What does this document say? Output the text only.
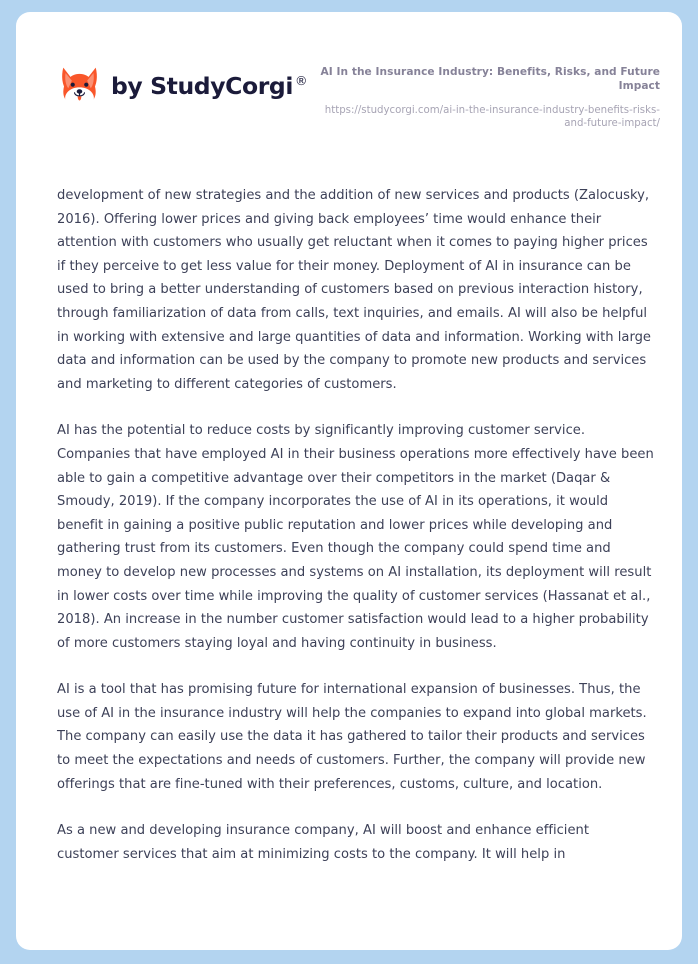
by StudyCorgi ®
AI In the Insurance Industry: Benefits, Risks, and Future Impact
https://studycorgi.com/ai-in-the-insurance-industry-benefits-risks-and-future-impact/

development of new strategies and the addition of new services and products (Zalocusky, 2016). Offering lower prices and giving back employees’ time would enhance their attention with customers who usually get reluctant when it comes to paying higher prices if they perceive to get less value for their money. Deployment of AI in insurance can be used to bring a better understanding of customers based on previous interaction history, through familiarization of data from calls, text inquiries, and emails. AI will also be helpful in working with extensive and large quantities of data and information. Working with large data and information can be used by the company to promote new products and services and marketing to different categories of customers.

AI has the potential to reduce costs by significantly improving customer service. Companies that have employed AI in their business operations more effectively have been able to gain a competitive advantage over their competitors in the market (Daqar & Smoudy, 2019). If the company incorporates the use of AI in its operations, it would benefit in gaining a positive public reputation and lower prices while developing and gathering trust from its customers. Even though the company could spend time and money to develop new processes and systems on AI installation, its deployment will result in lower costs over time while improving the quality of customer services (Hassanat et al., 2018). An increase in the number customer satisfaction would lead to a higher probability of more customers staying loyal and having continuity in business.

AI is a tool that has promising future for international expansion of businesses. Thus, the use of AI in the insurance industry will help the companies to expand into global markets. The company can easily use the data it has gathered to tailor their products and services to meet the expectations and needs of customers. Further, the company will provide new offerings that are fine-tuned with their preferences, customs, culture, and location.

As a new and developing insurance company, AI will boost and enhance efficient customer services that aim at minimizing costs to the company. It will help in
